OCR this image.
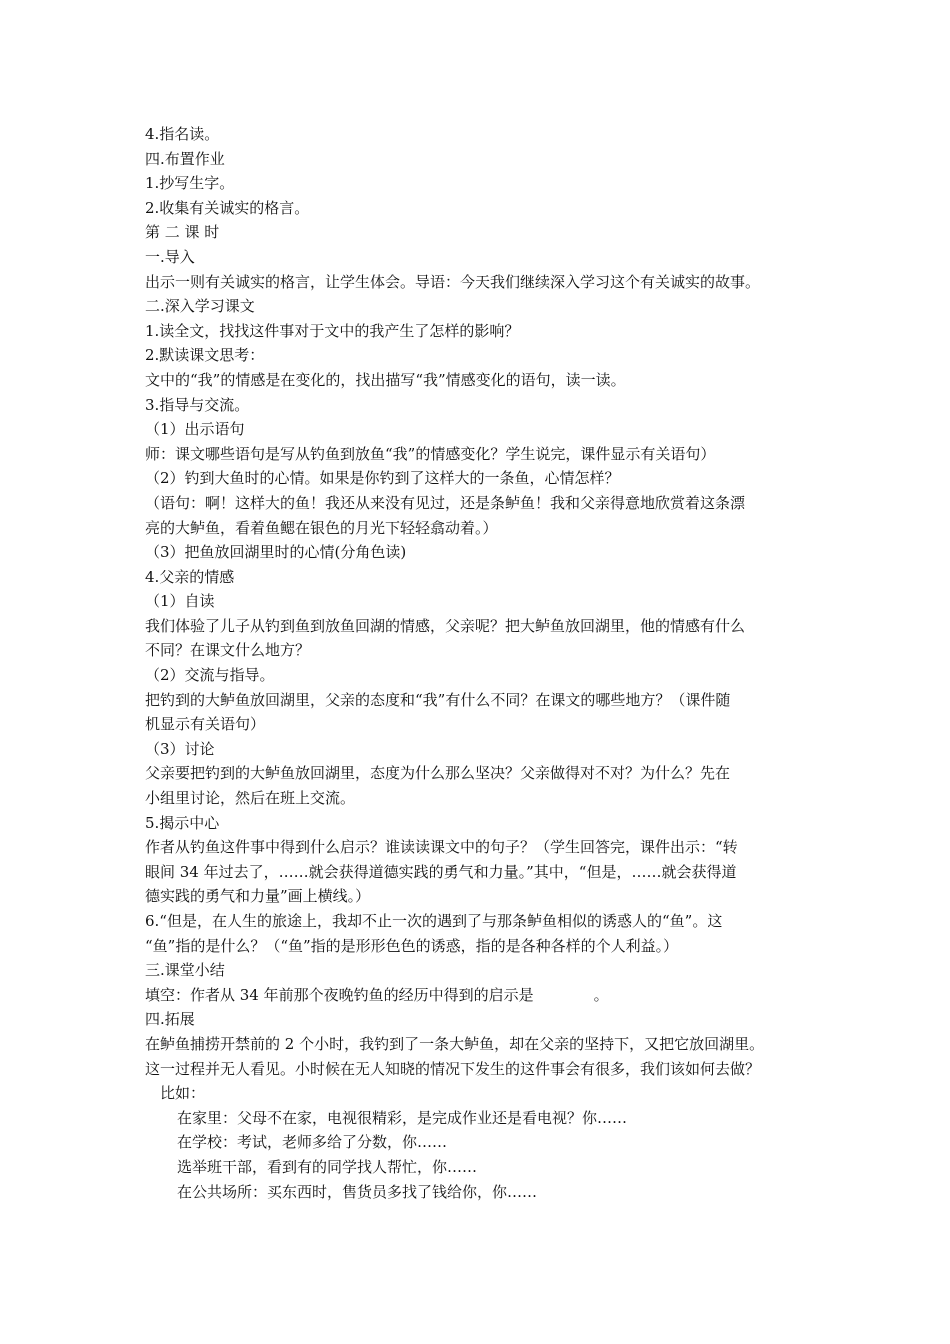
4.指名读。
四.布置作业
1.抄写生字。
2.收集有关诚实的格言。
第 二 课 时
一.导入
出示一则有关诚实的格言，让学生体会。导语：今天我们继续深入学习这个有关诚实的故事。
二.深入学习课文
1.读全文，找找这件事对于文中的我产生了怎样的影响？
2.默读课文思考：
文中的“我”的情感是在变化的，找出描写“我”情感变化的语句，读一读。
3.指导与交流。
（1）出示语句
师：课文哪些语句是写从钓鱼到放鱼“我”的情感变化？学生说完，课件显示有关语句）
（2）钓到大鱼时的心情。如果是你钓到了这样大的一条鱼，心情怎样？
（语句：啊！这样大的鱼！我还从来没有见过，还是条鲈鱼！我和父亲得意地欣赏着这条漂
亮的大鲈鱼，看着鱼鳃在银色的月光下轻轻翕动着。）
（3）把鱼放回湖里时的心情(分角色读)
4.父亲的情感
（1）自读
我们体验了儿子从钓到鱼到放鱼回湖的情感，父亲呢？把大鲈鱼放回湖里，他的情感有什么
不同？在课文什么地方？
（2）交流与指导。
把钓到的大鲈鱼放回湖里，父亲的态度和“我”有什么不同？在课文的哪些地方？（课件随
机显示有关语句）
（3）讨论
父亲要把钓到的大鲈鱼放回湖里，态度为什么那么坚决？父亲做得对不对？为什么？先在
小组里讨论，然后在班上交流。
5.揭示中心
作者从钓鱼这件事中得到什么启示？谁读读课文中的句子？（学生回答完，课件出示：“转
眼间 34 年过去了，……就会获得道德实践的勇气和力量。”其中，“但是，……就会获得道
德实践的勇气和力量”画上横线。）
6.“但是，在人生的旅途上，我却不止一次的遇到了与那条鲈鱼相似的诱惑人的“鱼”。这
“鱼”指的是什么？（“鱼”指的是形形色色的诱惑，指的是各种各样的个人利益。）
三.课堂小结
填空：作者从 34 年前那个夜晚钓鱼的经历中得到的启示是　　　　。
四.拓展
在鲈鱼捕捞开禁前的 2 个小时，我钓到了一条大鲈鱼，却在父亲的坚持下，又把它放回湖里。
这一过程并无人看见。小时候在无人知晓的情况下发生的这件事会有很多，我们该如何去做？
比如：
在家里：父母不在家，电视很精彩，是完成作业还是看电视？你……
在学校：考试，老师多给了分数，你……
选举班干部，看到有的同学找人帮忙，你……
在公共场所：买东西时，售货员多找了钱给你，你……
